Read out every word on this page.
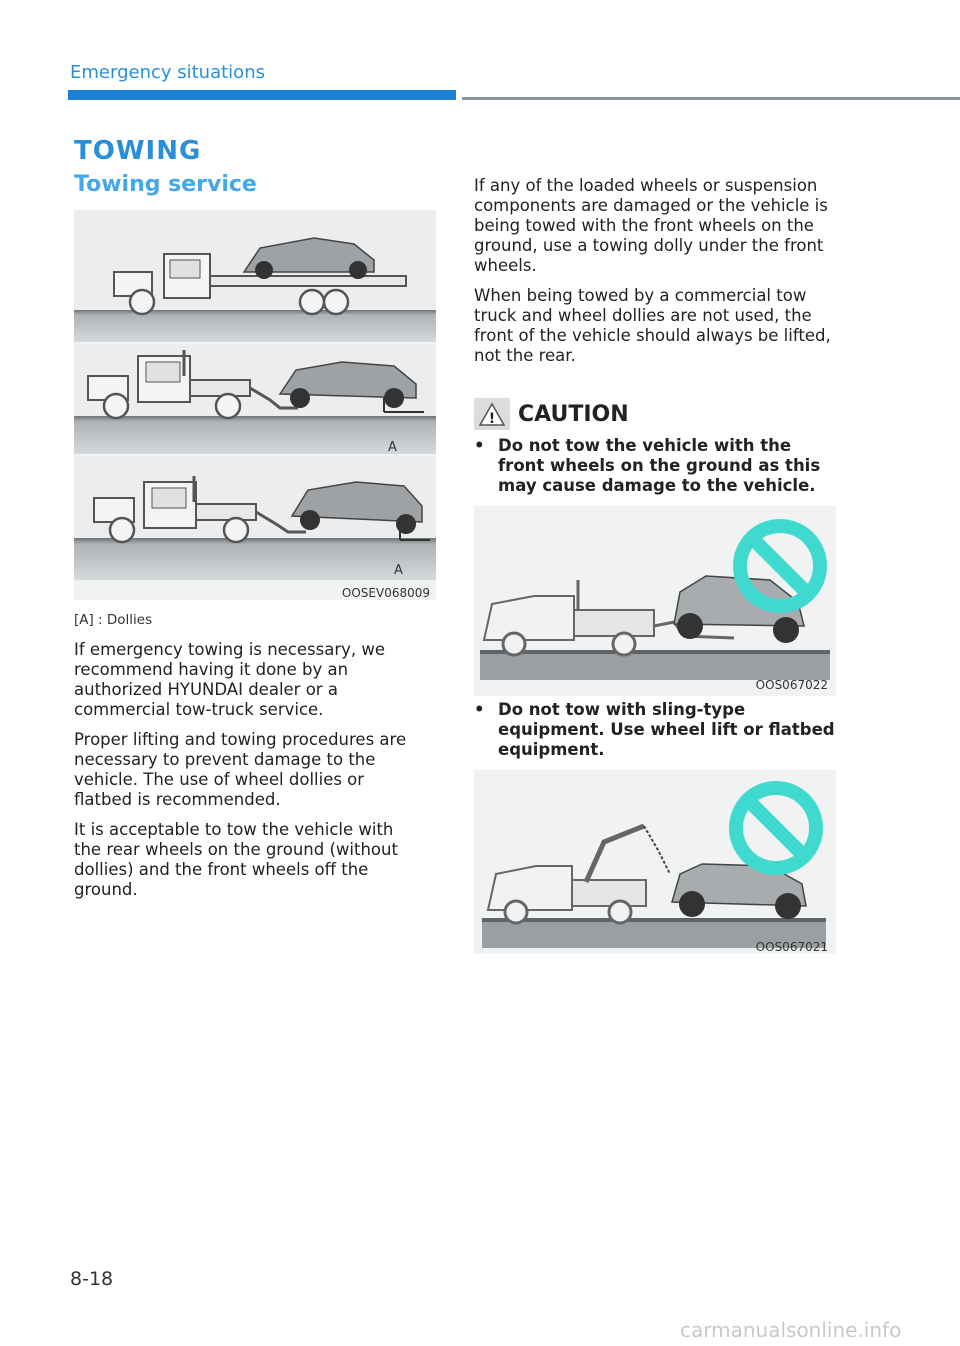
Emergency situations
TOWING
Towing service
A
A
OOSEV068009
[A] : Dollies
If emergency towing is necessary, we recommend having it done by an authorized HYUNDAI dealer or a commercial tow-truck service.
Proper lifting and towing procedures are necessary to prevent damage to the vehicle. The use of wheel dollies or flatbed is recommended.
It is acceptable to tow the vehicle with the rear wheels on the ground (without dollies) and the front wheels off the ground.
If any of the loaded wheels or suspension components are damaged or the vehicle is being towed with the front wheels on the ground, use a towing dolly under the front wheels.
When being towed by a commercial tow truck and wheel dollies are not used, the front of the vehicle should always be lifted, not the rear.
! CAUTION
• Do not tow the vehicle with the front wheels on the ground as this may cause damage to the vehicle.
OOS067022
• Do not tow with sling-type equipment. Use wheel lift or flatbed equipment.
OOS067021
8-18
carmanualsonline.info
